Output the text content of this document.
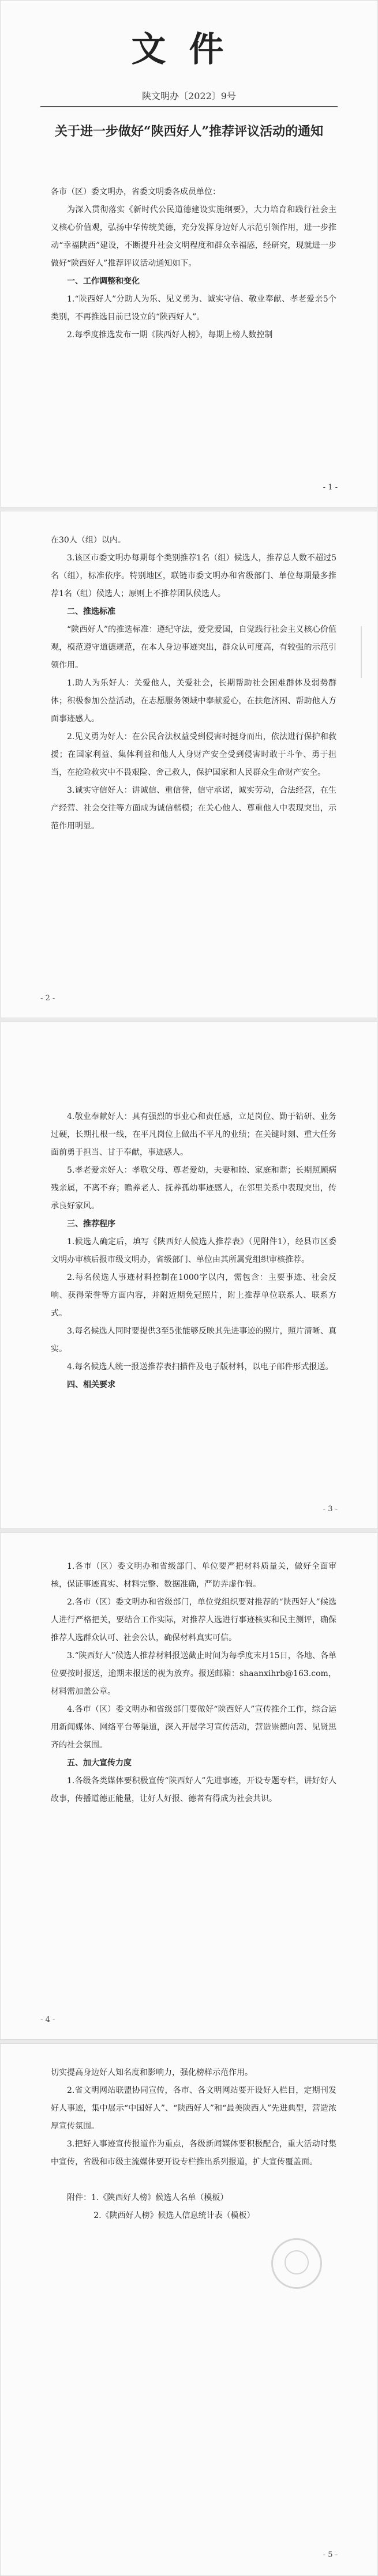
文件
陕文明办〔2022〕9号
关于进一步做好“陕西好人”推荐评议活动的通知

各市（区）委文明办，省委文明委各成员单位：

为深入贯彻落实《新时代公民道德建设实施纲要》，大力培育和践行社会主义核心价值观，弘扬中华传统美德，充分发挥身边好人示范引领作用，进一步推动“幸福陕西”建设，不断提升社会文明程度和群众幸福感，经研究，现就进一步做好“陕西好人”推荐评议活动通知如下。

一、工作调整和变化

1.“陕西好人”分助人为乐、见义勇为、诚实守信、敬业奉献、孝老爱亲5个类别，不再推选目前已设立的“陕西好人”。

2.每季度推选发布一期《陕西好人榜》，每期上榜人数控制

- 1 -

在30人（组）以内。

3.该区市委文明办每期每个类别推荐1名（组）候选人，推荐总人数不超过5名（组），标准依序。特别地区，联链市委文明办和省级部门、单位每期最多推荐1名（组）候选人；原则上不推荐团队候选人。

二、推选标准

“陕西好人”的推选标准：遵纪守法，爱党爱国，自觉践行社会主义核心价值观，模范遵守道德规范，在本人身边事迹突出，群众认可度高，有较强的示范引领作用。

1.助人为乐好人：关爱他人，关爱社会，长期帮助社会困难群体及弱势群体；积极参加公益活动，在志愿服务领域中奉献爱心，在扶危济困、帮助他人方面事迹感人。

2.见义勇为好人：在公民合法权益受到侵害时挺身而出，依法进行保护和救援；在国家利益、集体利益和他人人身财产安全受到侵害时敢于斗争、勇于担当，在抢险救灾中不畏艰险、舍己救人，保护国家和人民群众生命财产安全。

3.诚实守信好人：讲诚信、重信誉，信守承诺，诚实劳动，合法经营，在生产经营、社会交往等方面成为诚信楷模；在关心他人、尊重他人中表现突出，示范作用明显。

- 2 -

4.敬业奉献好人：具有强烈的事业心和责任感，立足岗位、勤于钻研、业务过硬，长期扎根一线，在平凡岗位上做出不平凡的业绩；在关键时刻、重大任务面前勇于担当、甘于奉献，事迹感人。

5.孝老爱亲好人：孝敬父母、尊老爱幼，夫妻和睦、家庭和谐；长期照顾病残亲属，不离不弃；赡养老人、抚养孤幼事迹感人，在邻里关系中表现突出，传承良好家风。

三、推荐程序

1.候选人确定后，填写《陕西好人候选人推荐表》（见附件1），经县市区委文明办审核后报市级文明办，省级部门、单位由其所属党组织审核推荐。

2.每名候选人事迹材料控制在1000字以内，需包含：主要事迹、社会反响、获得荣誉等方面内容，并附近期免冠照片，附上推荐单位联系人、联系方式。

3.每名候选人同时要提供3至5张能够反映其先进事迹的照片，照片清晰、真实。

4.每名候选人统一报送推荐表扫描件及电子版材料，以电子邮件形式报送。

四、相关要求

- 3 -

1.各市（区）委文明办和省级部门、单位要严把材料质量关，做好全面审核，保证事迹真实、材料完整、数据准确，严防弄虚作假。

2.各市（区）委文明办和省级部门，单位党组织要对推荐的“陕西好人”候选人进行严格把关，要结合工作实际，对推荐人选进行事迹核实和民主测评，确保推荐人选群众认可、社会公认，确保材料真实可信。

3.“陕西好人”候选人推荐材料报送截止时间为每季度末月15日，各地、各单位要按时报送，逾期未报送的视为放弃。报送邮箱：shaanxihrb@163.com，材料需加盖公章。

4.各市（区）委文明办和省级部门要做好“陕西好人”宣传推介工作，综合运用新闻媒体、网络平台等渠道，深入开展学习宣传活动，营造崇德向善、见贤思齐的社会氛围。

五、加大宣传力度

1.各级各类媒体要积极宣传“陕西好人”先进事迹，开设专题专栏，讲好好人故事，传播道德正能量，让好人好报、德者有得成为社会共识。

- 4 -

切实提高身边好人知名度和影响力，强化榜样示范作用。

2.省文明网站联盟协同宣传，各市、各文明网站要开设好人栏目，定期刊发好人事迹，集中展示“中国好人”、“陕西好人”和“最美陕西人”先进典型，营造浓厚宣传氛围。

3.把好人事迹宣传报道作为重点，各级新闻媒体要积极配合，重大活动时集中宣传，省级和市级主流媒体要开设专栏推出系列报道，扩大宣传覆盖面。

附件：1.《陕西好人榜》候选人名单（模板）

2.《陕西好人榜》候选人信息统计表（模板）

- 5 -
